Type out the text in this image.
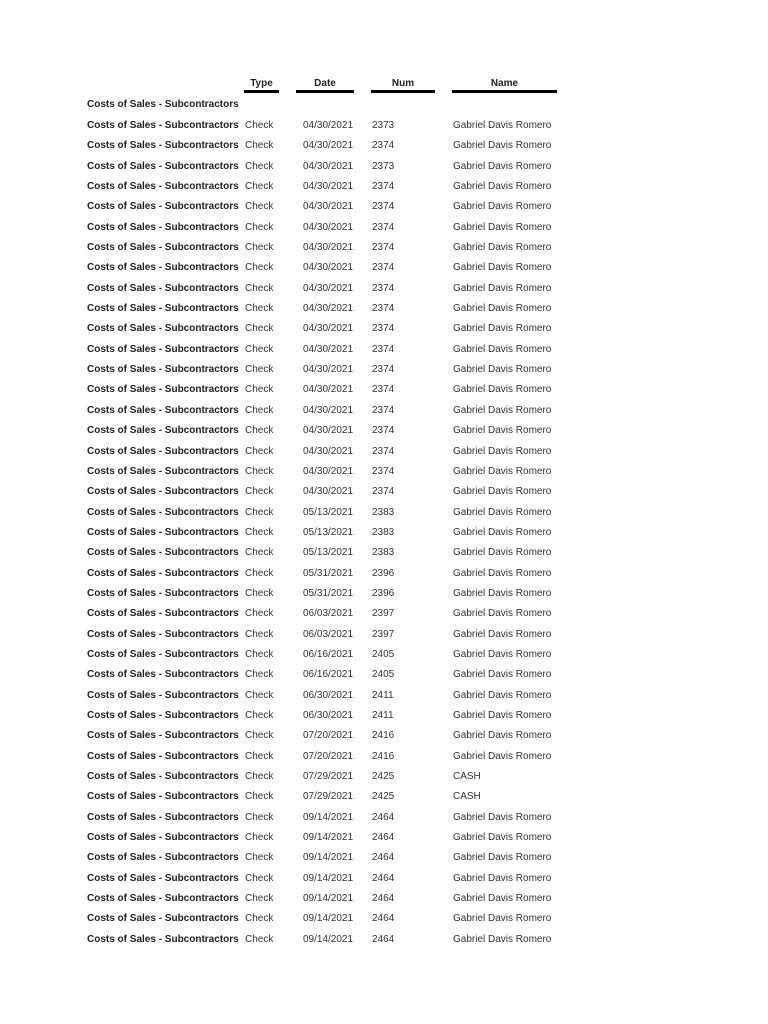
Type	Date	Num	Name
Costs of Sales - Subcontractors
Costs of Sales - Subcontractors Check	04/30/2021 2373	Gabriel Davis Romero
Costs of Sales - Subcontractors Check	04/30/2021 2374	Gabriel Davis Romero
Costs of Sales - Subcontractors Check	04/30/2021 2373	Gabriel Davis Romero
Costs of Sales - Subcontractors Check	04/30/2021 2374	Gabriel Davis Romero
Costs of Sales - Subcontractors Check	04/30/2021 2374	Gabriel Davis Romero
Costs of Sales - Subcontractors Check	04/30/2021 2374	Gabriel Davis Romero
Costs of Sales - Subcontractors Check	04/30/2021 2374	Gabriel Davis Romero
Costs of Sales - Subcontractors Check	04/30/2021 2374	Gabriel Davis Romero
Costs of Sales - Subcontractors Check	04/30/2021 2374	Gabriel Davis Romero
Costs of Sales - Subcontractors Check	04/30/2021 2374	Gabriel Davis Romero
Costs of Sales - Subcontractors Check	04/30/2021 2374	Gabriel Davis Romero
Costs of Sales - Subcontractors Check	04/30/2021 2374	Gabriel Davis Romero
Costs of Sales - Subcontractors Check	04/30/2021 2374	Gabriel Davis Romero
Costs of Sales - Subcontractors Check	04/30/2021 2374	Gabriel Davis Romero
Costs of Sales - Subcontractors Check	04/30/2021 2374	Gabriel Davis Romero
Costs of Sales - Subcontractors Check	04/30/2021 2374	Gabriel Davis Romero
Costs of Sales - Subcontractors Check	04/30/2021 2374	Gabriel Davis Romero
Costs of Sales - Subcontractors Check	04/30/2021 2374	Gabriel Davis Romero
Costs of Sales - Subcontractors Check	04/30/2021 2374	Gabriel Davis Romero
Costs of Sales - Subcontractors Check	05/13/2021 2383	Gabriel Davis Romero
Costs of Sales - Subcontractors Check	05/13/2021 2383	Gabriel Davis Romero
Costs of Sales - Subcontractors Check	05/13/2021 2383	Gabriel Davis Romero
Costs of Sales - Subcontractors Check	05/31/2021 2396	Gabriel Davis Romero
Costs of Sales - Subcontractors Check	05/31/2021 2396	Gabriel Davis Romero
Costs of Sales - Subcontractors Check	06/03/2021 2397	Gabriel Davis Romero
Costs of Sales - Subcontractors Check	06/03/2021 2397	Gabriel Davis Romero
Costs of Sales - Subcontractors Check	06/16/2021 2405	Gabriel Davis Romero
Costs of Sales - Subcontractors Check	06/16/2021 2405	Gabriel Davis Romero
Costs of Sales - Subcontractors Check	06/30/2021 2411	Gabriel Davis Romero
Costs of Sales - Subcontractors Check	06/30/2021 2411	Gabriel Davis Romero
Costs of Sales - Subcontractors Check	07/20/2021 2416	Gabriel Davis Romero
Costs of Sales - Subcontractors Check	07/20/2021 2416	Gabriel Davis Romero
Costs of Sales - Subcontractors Check	07/29/2021 2425	CASH
Costs of Sales - Subcontractors Check	07/29/2021 2425	CASH
Costs of Sales - Subcontractors Check	09/14/2021 2464	Gabriel Davis Romero
Costs of Sales - Subcontractors Check	09/14/2021 2464	Gabriel Davis Romero
Costs of Sales - Subcontractors Check	09/14/2021 2464	Gabriel Davis Romero
Costs of Sales - Subcontractors Check	09/14/2021 2464	Gabriel Davis Romero
Costs of Sales - Subcontractors Check	09/14/2021 2464	Gabriel Davis Romero
Costs of Sales - Subcontractors Check	09/14/2021 2464	Gabriel Davis Romero
Costs of Sales - Subcontractors Check	09/14/2021 2464	Gabriel Davis Romero
